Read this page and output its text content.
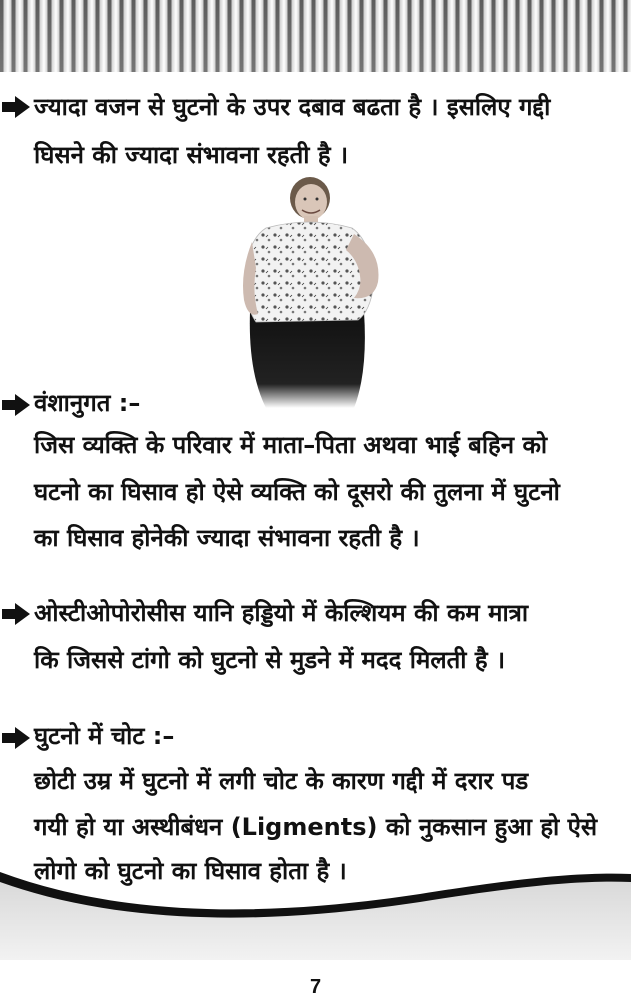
ज्यादा वजन से घुटनो के उपर दबाव बढता है । इसलिए गद्दी
घिसने की ज्यादा संभावना रहती है ।
वंशानुगत :–
जिस व्यक्ति के परिवार में माता–पिता अथवा भाई बहिन को
घटनो का घिसाव हो ऐसे व्यक्ति को दूसरो की तुलना में घुटनो
का घिसाव होनेकी ज्यादा संभावना रहती है ।
ओस्टीओपोरोसीस यानि हड्डियो में केल्शियम की कम मात्रा
कि जिससे टांगो को घुटनो से मुडने में मदद मिलती है ।
घुटनो में चोट :–
छोटी उम्र में घुटनो में लगी चोट के कारण गद्दी में दरार पड
गयी हो या अस्थीबंधन (Ligments) को नुकसान हुआ हो ऐसे
लोगो को घुटनो का घिसाव होता है ।
7
